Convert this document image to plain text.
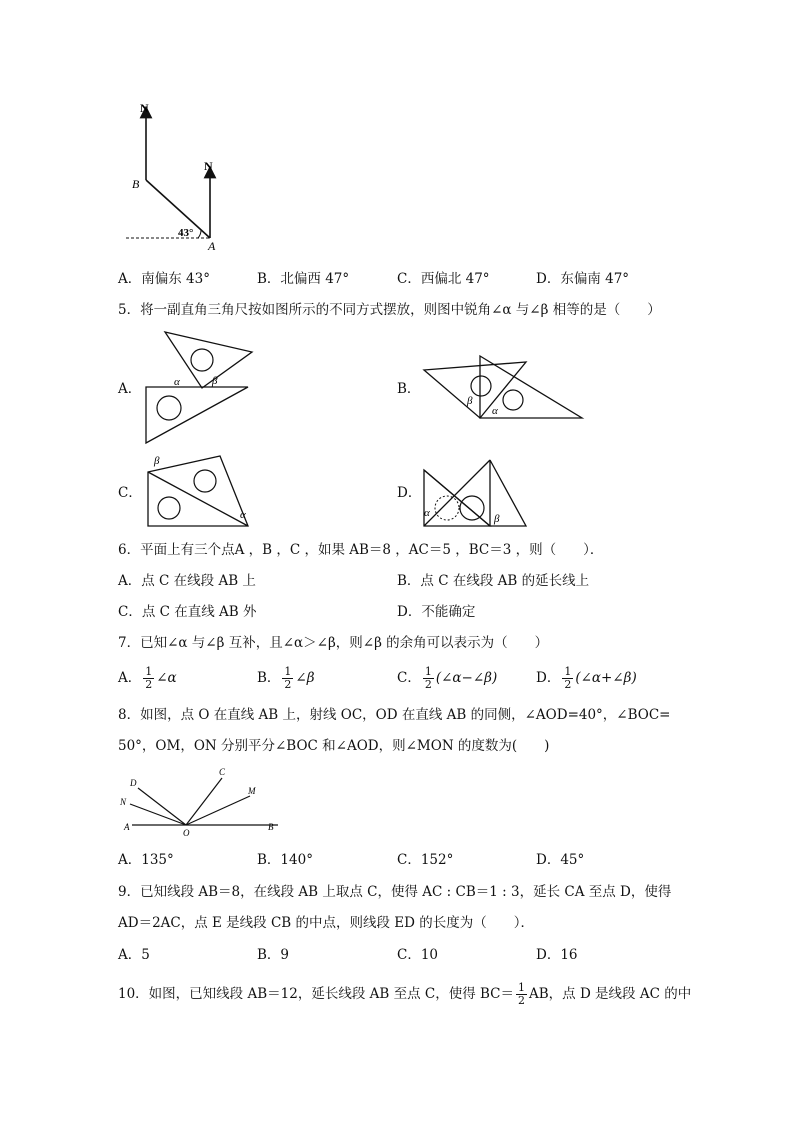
N
N
B
A
43°
A．南偏东 43°	B．北偏西 47°	C．西偏北 47°	D．东偏南 47°
5．将一副直角三角尺按如图所示的不同方式摆放，则图中锐角∠α 与∠β 相等的是（　　）
A．	α	β	B．
β
α
C．
β
α
D．
α	β
6．平面上有三个点A ，B ，C ，如果 AB＝8 ，AC＝5 ，BC＝3 ，则（　　）．
A．点 C 在线段 AB 上	B．点 C 在线段 AB 的延长线上
C．点 C 在直线 AB 外	D．不能确定
7．已知∠α 与∠β 互补，且∠α＞∠β，则∠β 的余角可以表示为（　　）
A． $\frac{1}{2}$ ∠α	B． $\frac{1}{2}$ ∠β	C． $\frac{1}{2}$ (∠α−∠β)	D． $\frac{1}{2}$ (∠α+∠β)
8．如图，点 O 在直线 AB 上，射线 OC，OD 在直线 AB 的同侧，∠AOD=40°，∠BOC=
50°，OM，ON 分别平分∠BOC 和∠AOD，则∠MON 的度数为(　　)
A	B
O
C
D
M
N
A．135°	B．140°	C．152°	D．45°
9．已知线段 AB＝8，在线段 AB 上取点 C，使得 AC : CB＝1 : 3，延长 CA 至点 D，使得
AD＝2AC，点 E 是线段 CB 的中点，则线段 ED 的长度为（　　）．
A．5	B．9	C．10	D．16
10．如图，已知线段 AB＝12，延长线段 AB 至点 C，使得 $BC= \frac{1}{2}$ AB，点 D 是线段 AC 的中
